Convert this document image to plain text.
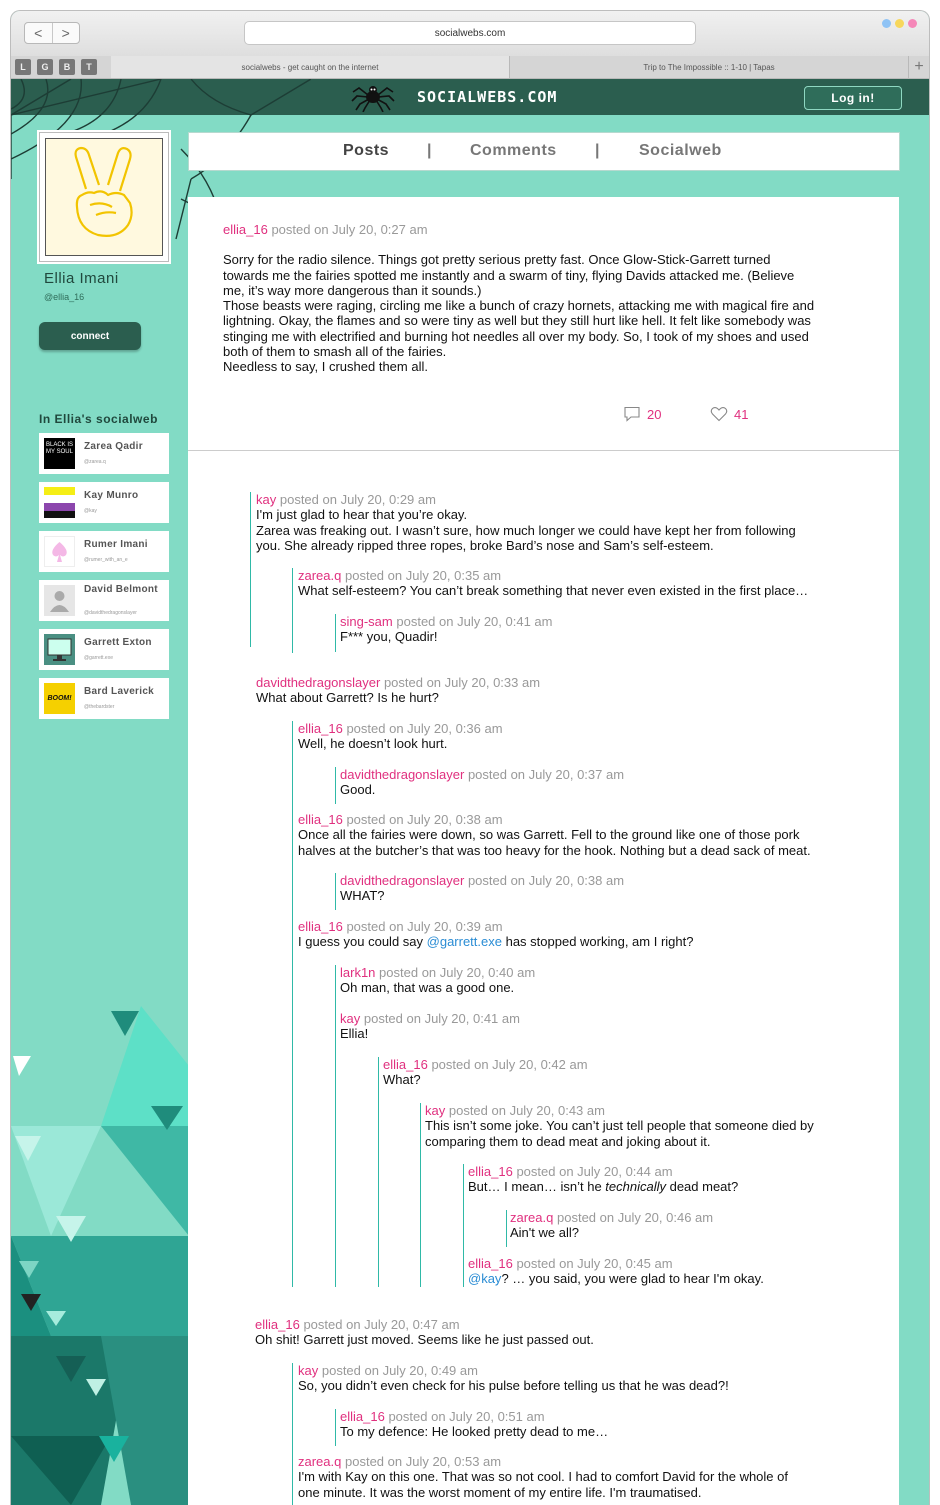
<	>	socialwebs.com
L	G	B	T	socialwebs - get caught on the internet	Trip to The Impossible :: 1-10 | Tapas	+
SOCIALWEBS.COM	Log in!
Ellia Imani
@ellia_16
connect
In Ellia's socialweb
BLACK IS MY SOUL Zarea Qadir
@zarea.q
Kay Munro
@kay
Rumer Imani
@rumer_with_an_e
David Belmont
@davidthedragonslayer
Garrett Exton
@garrett.exe
BOOM!
Bard Laverick
@thebardster
Posts | Comments | Socialweb
ellia_16 posted on July 20, 0:27 am
Sorry for the radio silence. Things got pretty serious pretty fast. Once Glow-Stick-Garrett turned
towards me the fairies spotted me instantly and a swarm of tiny, flying Davids attacked me. (Believe
me, it’s way more dangerous than it sounds.)
Those beasts were raging, circling me like a bunch of crazy hornets, attacking me with magical fire and
lightning. Okay, the flames and so were tiny as well but they still hurt like hell. It felt like somebody was
stinging me with electrified and burning hot needles all over my body. So, I took of my shoes and used
both of them to smash all of the fairies.
Needless to say, I crushed them all.
20	41
kay posted on July 20, 0:29 am
I'm just glad to hear that you’re okay.
Zarea was freaking out. I wasn’t sure, how much longer we could have kept her from following
you. She already ripped three ropes, broke Bard’s nose and Sam’s self-esteem.
zarea.q posted on July 20, 0:35 am
What self-esteem? You can’t break something that never even existed in the first place…
sing-sam posted on July 20, 0:41 am
F*** you, Quadir!
davidthedragonslayer posted on July 20, 0:33 am
What about Garrett? Is he hurt?
ellia_16 posted on July 20, 0:36 am
Well, he doesn’t look hurt.
davidthedragonslayer posted on July 20, 0:37 am
Good.
ellia_16 posted on July 20, 0:38 am
Once all the fairies were down, so was Garrett. Fell to the ground like one of those pork
halves at the butcher’s that was too heavy for the hook. Nothing but a dead sack of meat.
davidthedragonslayer posted on July 20, 0:38 am
WHAT?
ellia_16 posted on July 20, 0:39 am
I guess you could say @garrett.exe has stopped working, am I right?
lark1n posted on July 20, 0:40 am
Oh man, that was a good one.
kay posted on July 20, 0:41 am
Ellia!
ellia_16 posted on July 20, 0:42 am
What?
kay posted on July 20, 0:43 am
This isn’t some joke. You can’t just tell people that someone died by
comparing them to dead meat and joking about it.
ellia_16 posted on July 20, 0:44 am
But… I mean… isn’t he technically dead meat?
zarea.q posted on July 20, 0:46 am
Ain't we all?
ellia_16 posted on July 20, 0:45 am
@kay? … you said, you were glad to hear I'm okay.
ellia_16 posted on July 20, 0:47 am
Oh shit! Garrett just moved. Seems like he just passed out.
kay posted on July 20, 0:49 am
So, you didn’t even check for his pulse before telling us that he was dead?!
ellia_16 posted on July 20, 0:51 am
To my defence: He looked pretty dead to me…
zarea.q posted on July 20, 0:53 am
I'm with Kay on this one. That was so not cool. I had to comfort David for the whole of
one minute. It was the worst moment of my entire life. I'm traumatised.
